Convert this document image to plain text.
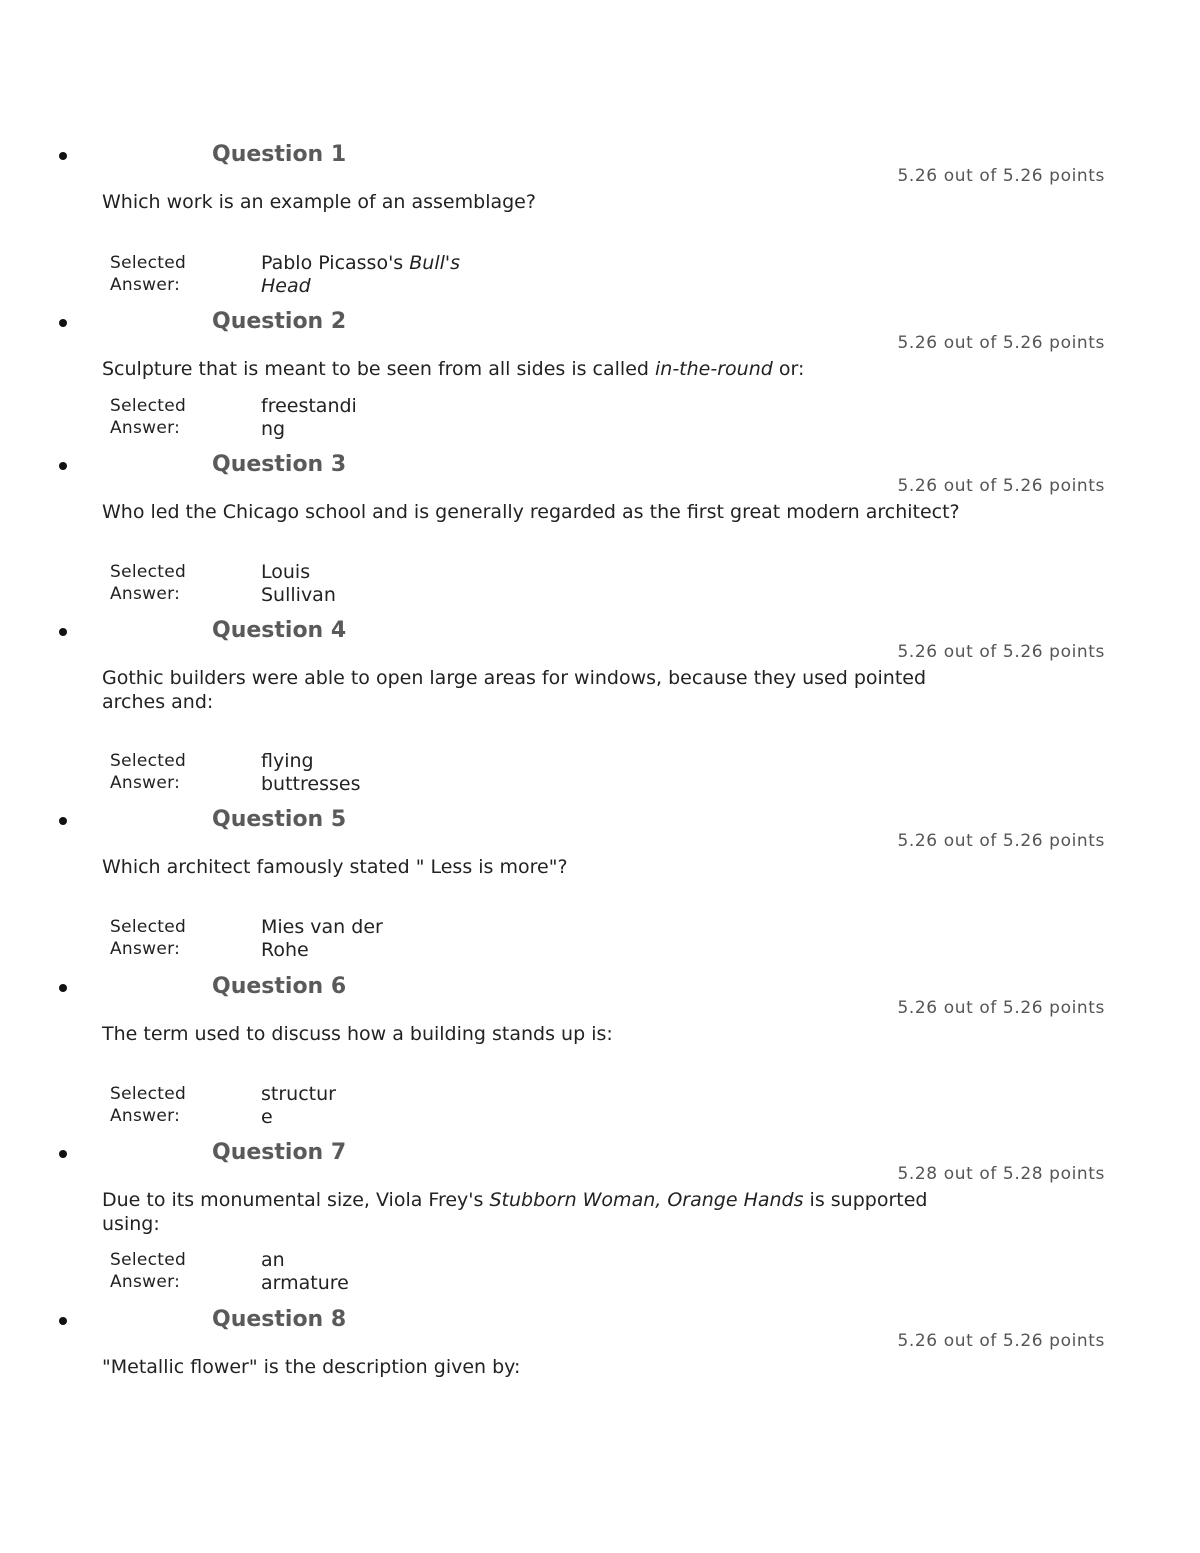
Question 1
5.26 out of 5.26 points
Which work is an example of an assemblage?
Selected
Answer:
Pablo Picasso's Bull's
Head
Question 2
5.26 out of 5.26 points
Sculpture that is meant to be seen from all sides is called in-the-round or:
Selected
Answer:
freestandi
ng
Question 3
5.26 out of 5.26 points
Who led the Chicago school and is generally regarded as the first great modern architect?
Selected
Answer:
Louis
Sullivan
Question 4
5.26 out of 5.26 points
Gothic builders were able to open large areas for windows, because they used pointed arches and:
Selected
Answer:
flying
buttresses
Question 5
5.26 out of 5.26 points
Which architect famously stated " Less is more"?
Selected
Answer:
Mies van der
Rohe
Question 6
5.26 out of 5.26 points
The term used to discuss how a building stands up is:
Selected
Answer:
structur
e
Question 7
5.28 out of 5.28 points
Due to its monumental size, Viola Frey's Stubborn Woman, Orange Hands is supported using:
Selected
Answer:
an
armature
Question 8
5.26 out of 5.26 points
"Metallic flower" is the description given by:
